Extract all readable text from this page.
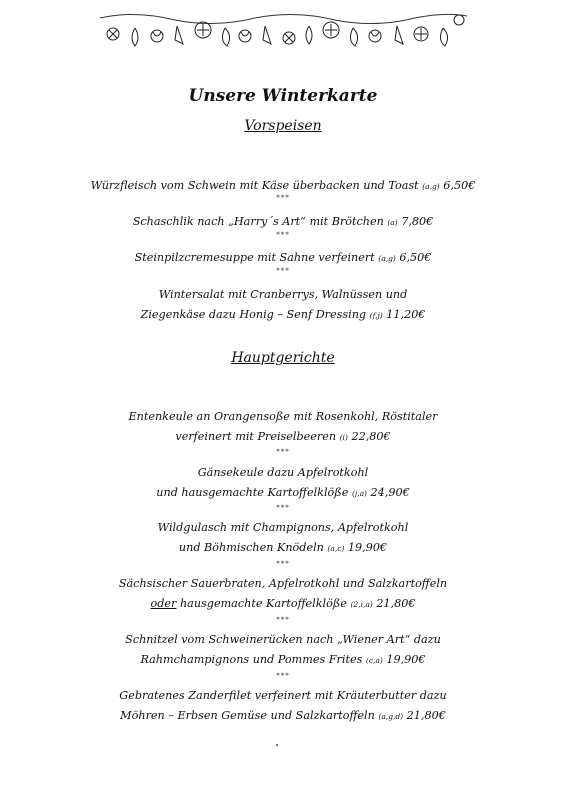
Unsere Winterkarte
Vorspeisen
Würzfleisch vom Schwein mit Käse überbacken und Toast (a,g) 6,50€
***
Schaschlik nach „Harry´s Art“ mit Brötchen (a) 7,80€
***
Steinpilzcremesuppe mit Sahne verfeinert (a,g) 6,50€
***
Wintersalat mit Cranberrys, Walnüssen und
Ziegenkäse dazu Honig – Senf Dressing (f,j) 11,20€
Hauptgerichte
Entenkeule an Orangensoße mit Rosenkohl, Röstitaler
verfeinert mit Preiselbeeren (i) 22,80€
***
Gänsekeule dazu Apfelrotkohl
und hausgemachte Kartoffelklöße (j,a) 24,90€
***
Wildgulasch mit Champignons, Apfelrotkohl
und Böhmischen Knödeln (a,c) 19,90€
***
Sächsischer Sauerbraten, Apfelrotkohl und Salzkartoffeln
oder hausgemachte Kartoffelklöße (2,i,a) 21,80€
***
Schnitzel vom Schweinerücken nach „Wiener Art“ dazu
Rahmchampignons und Pommes Frites (c,a) 19,90€
***
Gebratenes Zanderfilet verfeinert mit Kräuterbutter dazu
Möhren – Erbsen Gemüse und Salzkartoffeln (a,g,d) 21,80€
